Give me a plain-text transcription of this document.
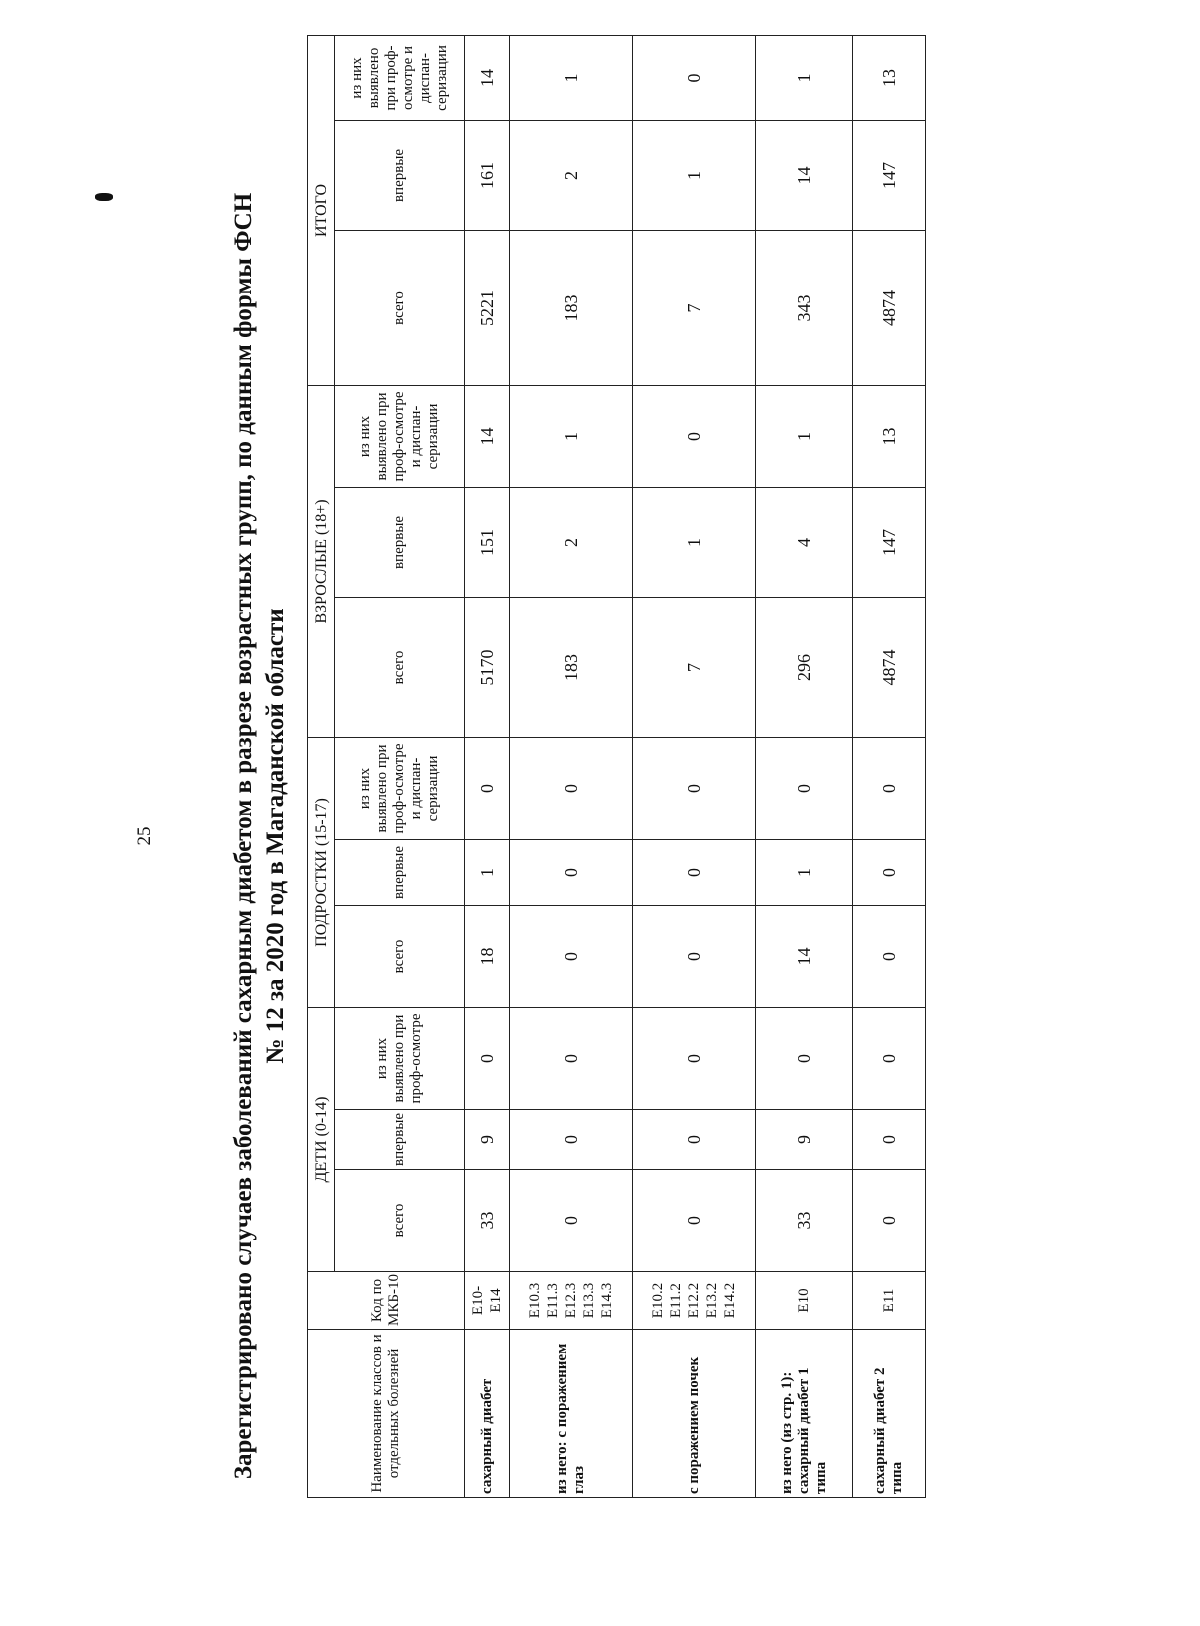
25	Зарегистрировано случаев заболеваний сахарным диабетом в разрезе возрастных групп, по данным формы ФСН № 12 за 2020 год в Магаданской области
Наименование классов и отдельных болезней	Код по МКБ-10	ДЕТИ (0-14)			ПОДРОСТКИ (15-17)			ВЗРОСЛЫЕ (18+)			ИТОГО		
		всего	впервые	из них выявлено при проф-осмотре	всего	впервые	из них выявлено при проф-осмотре и диспан-серизации	всего	впервые	из них выявлено при проф-осмотре и диспан-серизации	всего	впервые	из них выявлено при проф-осмотре и диспан-серизации
сахарный диабет	Е10-Е14	33	9	0	18	1	0	5170	151	14	5221	161	14
из него: с поражением глаз	Е10.3 Е11.3 Е12.3 Е13.3 Е14.3	0	0	0	0	0	0	183	2	1	183	2	1
с поражением почек	Е10.2 Е11.2 Е12.2 Е13.2 Е14.2	0	0	0	0	0	0	7	1	0	7	1	0
из него (из стр. 1): сахарный диабет 1 типа	Е10	33	9	0	14	1	0	296	4	1	343	14	1
сахарный диабет 2 типа	Е11	0	0	0	0	0	0	4874	147	13	4874	147	13
